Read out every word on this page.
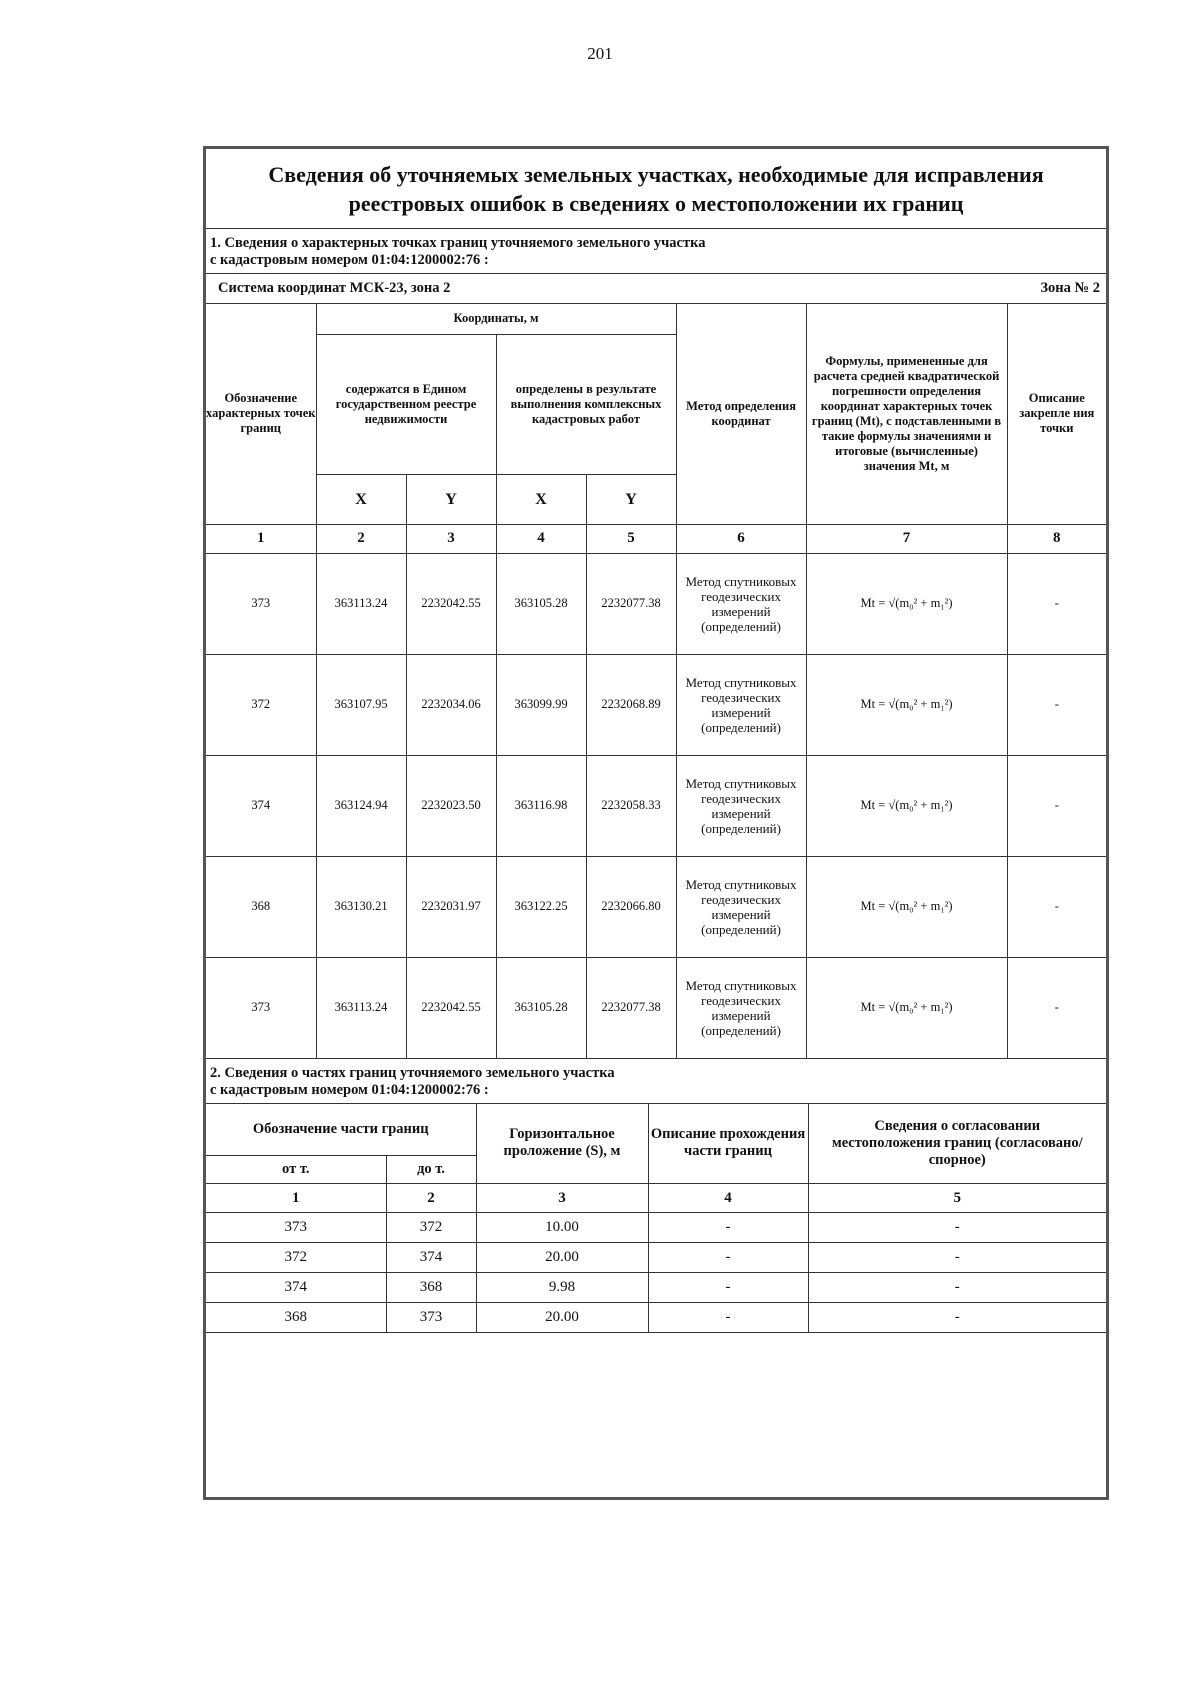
201
Сведения об уточняемых земельных участках, необходимые для исправления
реестровых ошибок в сведениях о местоположении их границ
1. Сведения о характерных точках границ уточняемого земельного участка
с кадастровым номером 01:04:1200002:76 :
Система координат МСК-23, зона 2	Зона № 2
Обозначение характерных точек границ	Координаты, м				Метод определения координат	Формулы, примененные для расчета средней квадратической погрешности определения координат характерных точек границ (Mt), с подставленными в такие формулы значениями и итоговые (вычисленные) значения Mt, м	Описание закрепле ния точки
	содержатся в Едином государственном реестре недвижимости		определены в результате выполнения комплексных кадастровых работ				
	X	Y	X	Y			
1	2	3	4	5	6	7	8
373	363113.24	2232042.55	363105.28	2232077.38	Метод спутниковых геодезических измерений (определений)	Mt = √(m₀² + m₁²)	-
372	363107.95	2232034.06	363099.99	2232068.89	Метод спутниковых геодезических измерений (определений)	Mt = √(m₀² + m₁²)	-
374	363124.94	2232023.50	363116.98	2232058.33	Метод спутниковых геодезических измерений (определений)	Mt = √(m₀² + m₁²)	-
368	363130.21	2232031.97	363122.25	2232066.80	Метод спутниковых геодезических измерений (определений)	Mt = √(m₀² + m₁²)	-
373	363113.24	2232042.55	363105.28	2232077.38	Метод спутниковых геодезических измерений (определений)	Mt = √(m₀² + m₁²)	-
2. Сведения о частях границ уточняемого земельного участка
с кадастровым номером 01:04:1200002:76 :
Обозначение части границ		Горизонтальное проложение (S), м	Описание прохождения части границ	Сведения о согласовании местоположения границ (согласовано/спорное)
от т.	до т.			
1	2	3	4	5
373	372	10.00	-	-
372	374	20.00	-	-
374	368	9.98	-	-
368	373	20.00	-	-
